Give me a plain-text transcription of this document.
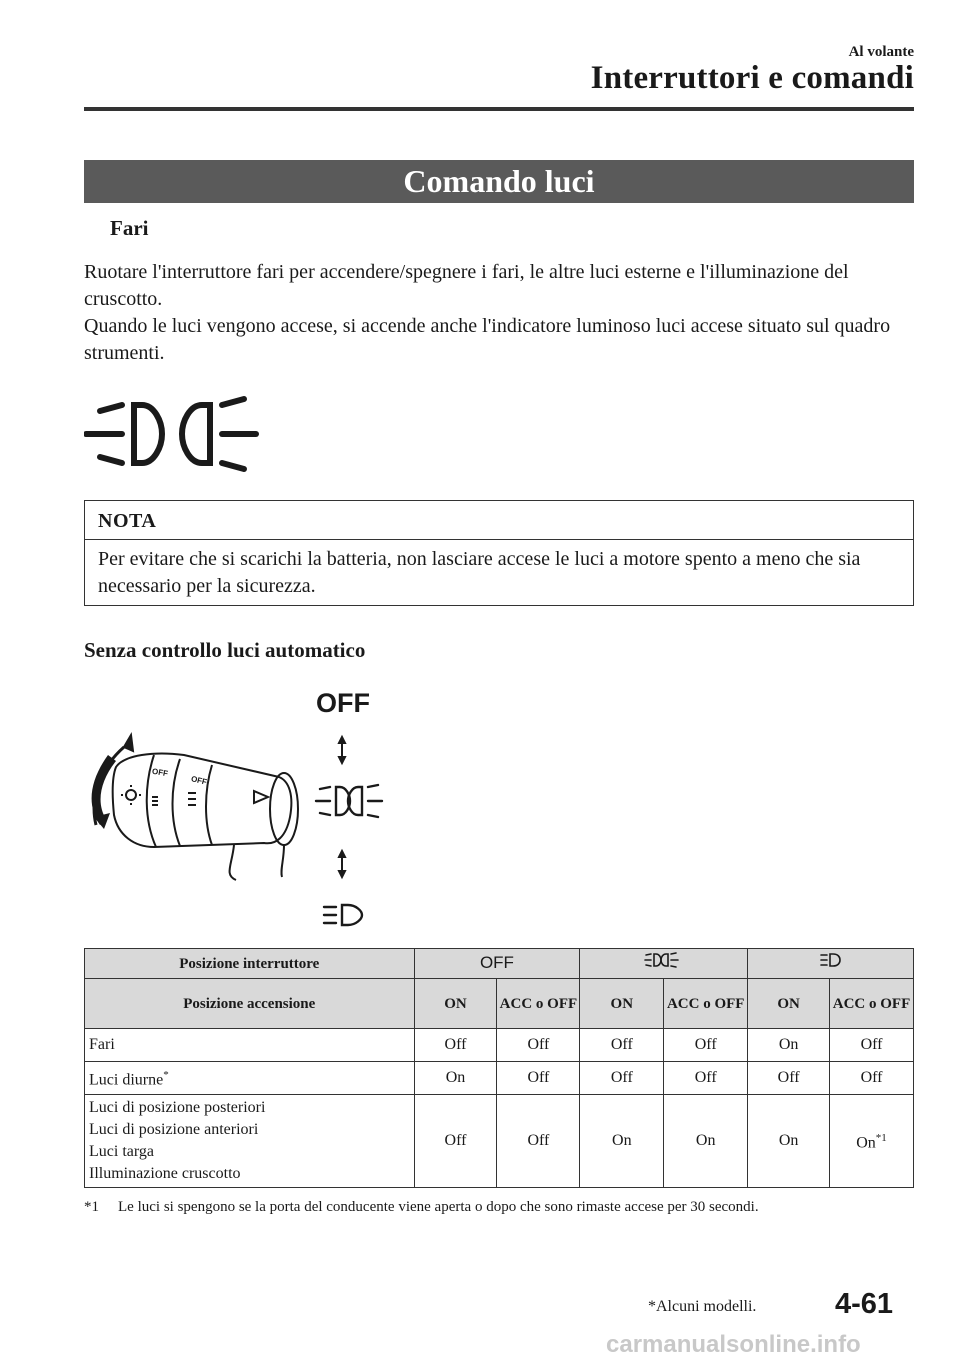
Al volante
Interruttori e comandi
Comando luci
Fari
Ruotare l'interruttore fari per accendere/spegnere i fari, le altre luci esterne e l'illuminazione del cruscotto.
Quando le luci vengono accese, si accende anche l'indicatore luminoso luci accese situato sul quadro strumenti.
NOTA
Per evitare che si scarichi la batteria, non lasciare accese le luci a motore spento a meno che sia necessario per la sicurezza.
Senza controllo luci automatico
OFF
OFF
OFF
Posizione interruttore	OFF		
Posizione accensione	ON	ACC o OFF	ON	ACC o OFF	ON	ACC o OFF
Fari	Off	Off	Off	Off	On	Off
Luci diurne*	On	Off	Off	Off	Off	Off

Luci di posizione posteriori
Luci di posizione anteriori
Luci targa
Illuminazione cruscotto	Off	Off	On	On	On	On$^{*1}$
*1 Le luci si spengono se la porta del conducente viene aperta o dopo che sono rimaste accese per 30 secondi.
*Alcuni modelli.	4-61
carmanualsonline.info
